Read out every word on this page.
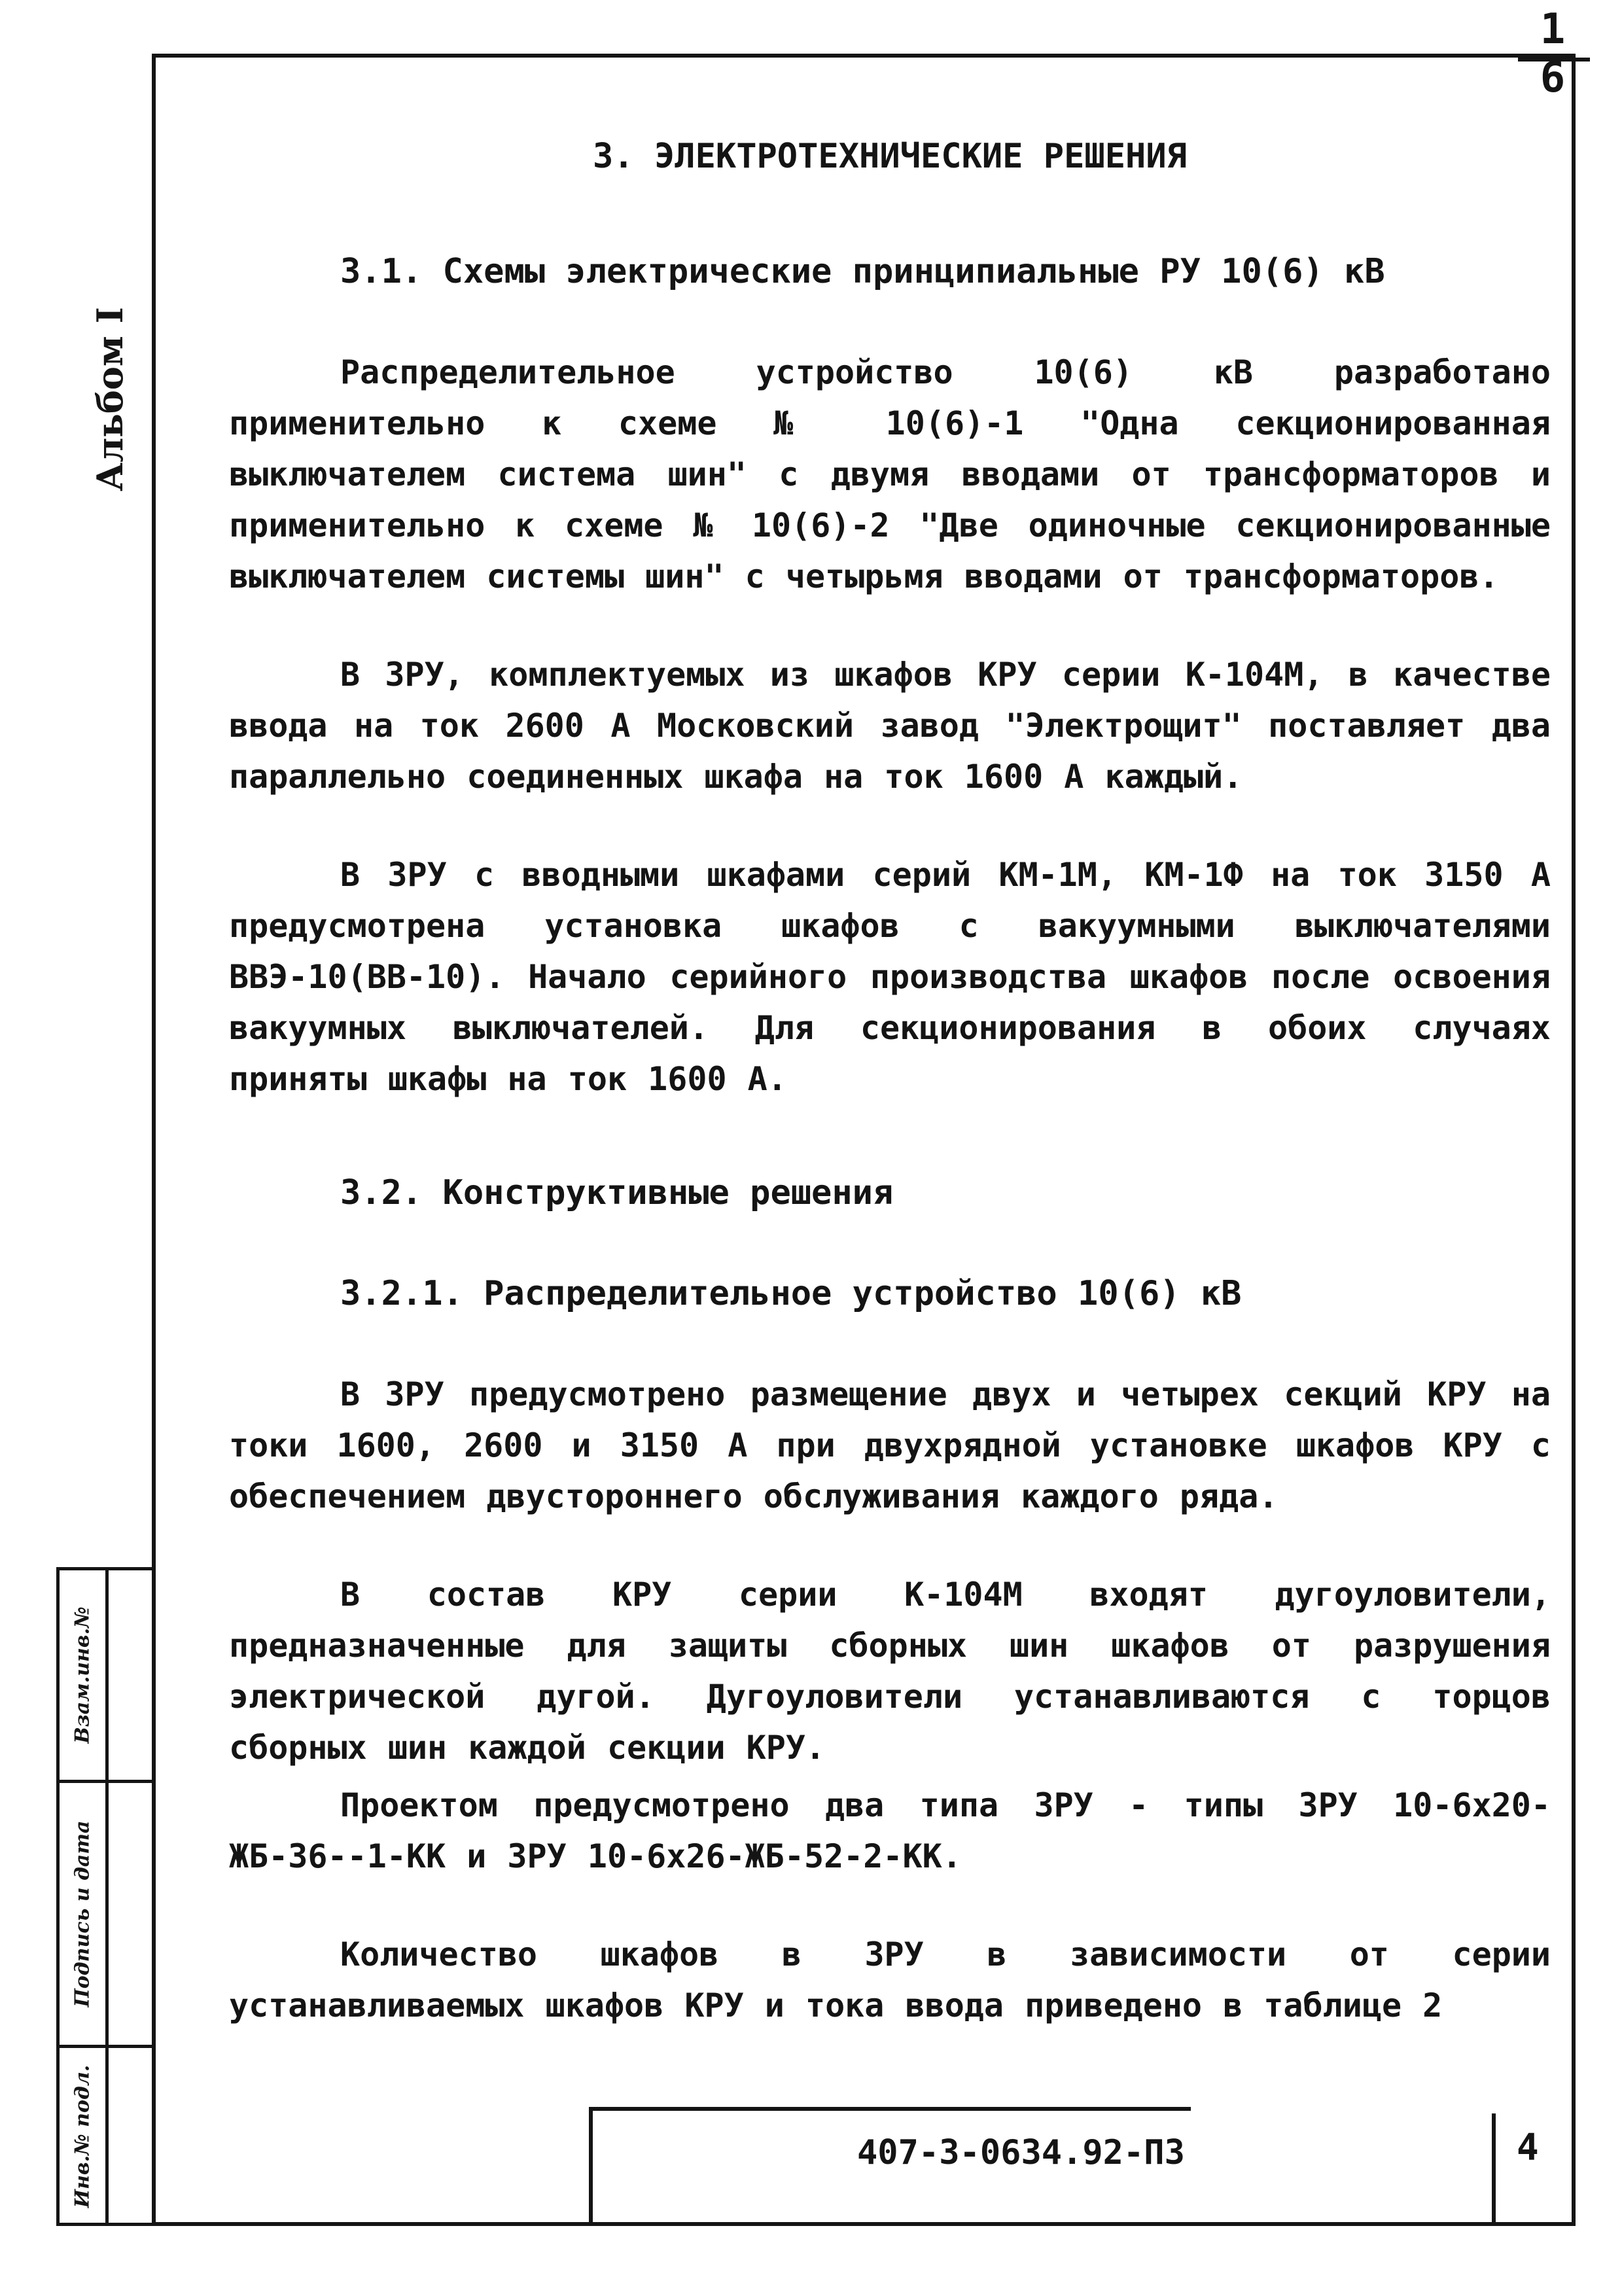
1 6
Альбом I
Взам.инв.№
Подпись и дата
Инв.№ подл.
3. ЭЛЕКТРОТЕХНИЧЕСКИЕ РЕШЕНИЯ
3.1. Схемы электрические принципиальные РУ 10(6) кВ

Распределительное устройство 10(6) кВ разработано применительно к схеме № 10(6)-1 "Одна секционированная выключателем система шин" с двумя вводами от трансформаторов и применительно к схеме № 10(6)-2 "Две одиночные секционированные выключателем системы шин" с четырьмя вводами от трансформаторов.

В ЗРУ, комплектуемых из шкафов КРУ серии К-104М, в качестве ввода на ток 2600 А Московский завод "Электрощит" поставляет два параллельно соединенных шкафа на ток 1600 А каждый.

В ЗРУ с вводными шкафами серий КМ-1М, КМ-1Ф на ток 3150 А предусмотрена установка шкафов с вакуумными выключателями ВВЭ-10(ВВ-10). Начало серийного производства шкафов после освоения вакуумных выключателей. Для секционирования в обоих случаях приняты шкафы на ток 1600 А.

3.2. Конструктивные решения
3.2.1. Распределительное устройство 10(6) кВ

В ЗРУ предусмотрено размещение двух и четырех секций КРУ на токи 1600, 2600 и 3150 А при двухрядной установке шкафов КРУ с обеспечением двустороннего обслуживания каждого ряда.

В состав КРУ серии К-104М входят дугоуловители, предназначенные для защиты сборных шин шкафов от разрушения электрической дугой. Дугоуловители устанавливаются с торцов сборных шин каждой секции КРУ.

Проектом предусмотрено два типа ЗРУ - типы ЗРУ 10-6х20-ЖБ-36--1-КК и ЗРУ 10-6х26-ЖБ-52-2-КК.

Количество шкафов в ЗРУ в зависимости от серии устанавливаемых шкафов КРУ и тока ввода приведено в таблице 2

407-3-0634.92-ПЗ	4
